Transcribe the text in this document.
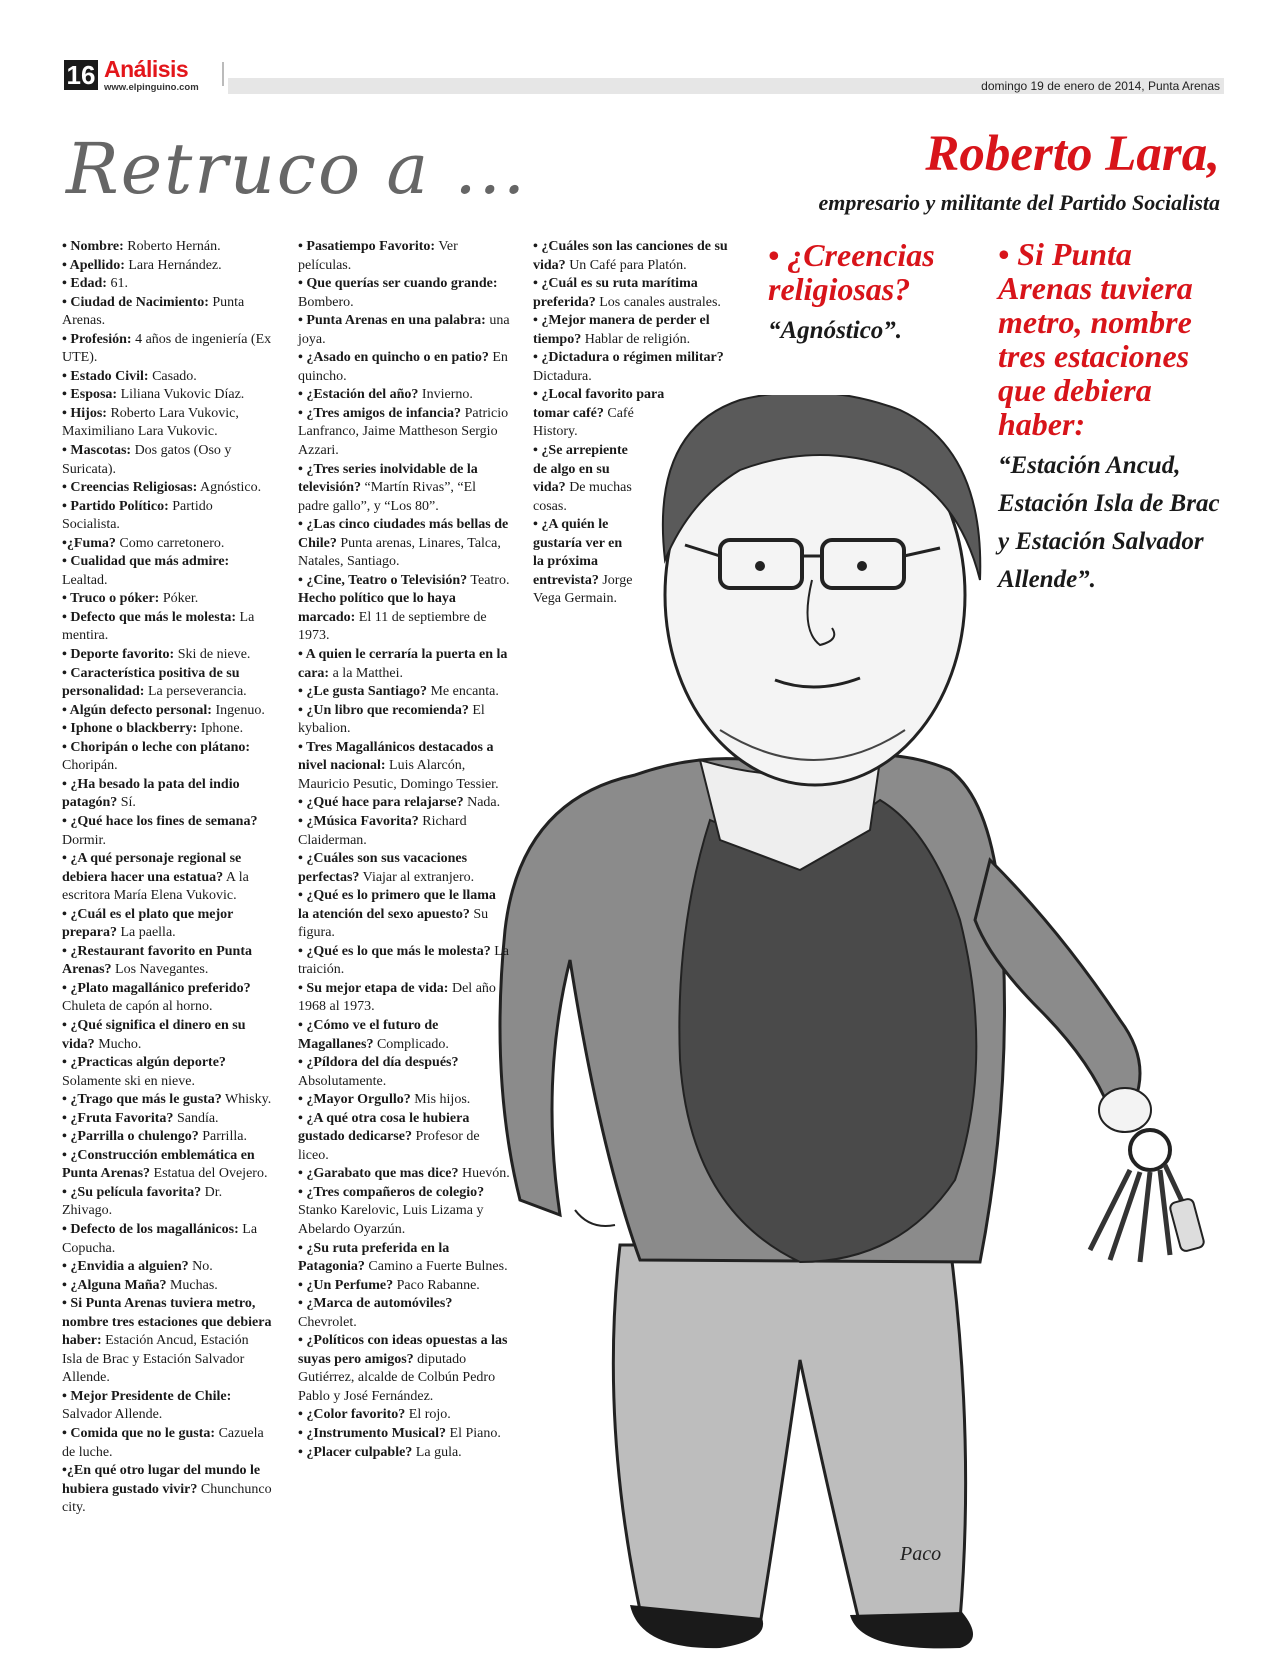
16 Análisis
www.elpinguino.com	domingo 19 de enero de 2014, Punta Arenas
Retruco a ...	Roberto Lara,
empresario y militante del Partido Socialista
Paco
• Nombre: Roberto Hernán.
• Apellido: Lara Hernández.
• Edad: 61.
• Ciudad de Nacimiento: Punta Arenas.
• Profesión: 4 años de ingeniería (Ex UTE).
• Estado Civil: Casado.
• Esposa: Liliana Vukovic Díaz.
• Hijos: Roberto Lara Vukovic, Maximiliano Lara Vukovic.
• Mascotas: Dos gatos (Oso y Suricata).
• Creencias Religiosas: Agnóstico.
• Partido Político: Partido Socialista.
•¿Fuma? Como carretonero.
• Cualidad que más admire: Lealtad.
• Truco o póker: Póker.
• Defecto que más le molesta: La mentira.
• Deporte favorito: Ski de nieve.
• Característica positiva de su personalidad: La perseverancia.
• Algún defecto personal: Ingenuo.
• Iphone o blackberry: Iphone.
• Choripán o leche con plátano: Choripán.
• ¿Ha besado la pata del indio patagón? Sí.
• ¿Qué hace los fines de semana? Dormir.
• ¿A qué personaje regional se debiera hacer una estatua? A la escritora María Elena Vukovic.
• ¿Cuál es el plato que mejor prepara? La paella.
• ¿Restaurant favorito en Punta Arenas? Los Navegantes.
• ¿Plato magallánico preferido? Chuleta de capón al horno.
• ¿Qué significa el dinero en su vida? Mucho.
• ¿Practicas algún deporte? Solamente ski en nieve.
• ¿Trago que más le gusta? Whisky.
• ¿Fruta Favorita? Sandía.
• ¿Parrilla o chulengo? Parrilla.
• ¿Construcción emblemática en Punta Arenas? Estatua del Ovejero.
• ¿Su película favorita? Dr. Zhivago.
• Defecto de los magallánicos: La Copucha.
• ¿Envidia a alguien? No.
• ¿Alguna Maña? Muchas.
• Si Punta Arenas tuviera metro, nombre tres estaciones que debiera haber: Estación Ancud, Estación Isla de Brac y Estación Salvador Allende.
• Mejor Presidente de Chile: Salvador Allende.
• Comida que no le gusta: Cazuela de luche.
•¿En qué otro lugar del mundo le hubiera gustado vivir? Chunchunco city.
• Pasatiempo Favorito: Ver películas.
• Que querías ser cuando grande: Bombero.
• Punta Arenas en una palabra: una joya.
• ¿Asado en quincho o en patio? En quincho.
• ¿Estación del año? Invierno.
• ¿Tres amigos de infancia? Patricio Lanfranco, Jaime Mattheson Sergio Azzari.
• ¿Tres series inolvidable de la televisión? “Martín Rivas”, “El padre gallo”, y “Los 80”.
• ¿Las cinco ciudades más bellas de Chile? Punta arenas, Linares, Talca, Natales, Santiago.
• ¿Cine, Teatro o Televisión? Teatro.
Hecho político que lo haya marcado: El 11 de septiembre de 1973.
• A quien le cerraría la puerta en la cara: a la Matthei.
• ¿Le gusta Santiago? Me encanta.
• ¿Un libro que recomienda? El kybalion.
• Tres Magallánicos destacados a nivel nacional: Luis Alarcón, Mauricio Pesutic, Domingo Tessier.
• ¿Qué hace para relajarse? Nada.
• ¿Música Favorita? Richard Claiderman.
• ¿Cuáles son sus vacaciones perfectas? Viajar al extranjero.
• ¿Qué es lo primero que le llama la atención del sexo apuesto? Su figura.
• ¿Qué es lo que más le molesta? La traición.
• Su mejor etapa de vida: Del año 1968 al 1973.
• ¿Cómo ve el futuro de Magallanes? Complicado.
• ¿Píldora del día después? Absolutamente.
• ¿Mayor Orgullo? Mis hijos.
• ¿A qué otra cosa le hubiera gustado dedicarse? Profesor de liceo.
• ¿Garabato que mas dice? Huevón.
• ¿Tres compañeros de colegio? Stanko Karelovic, Luis Lizama y Abelardo Oyarzún.
• ¿Su ruta preferida en la Patagonia? Camino a Fuerte Bulnes.
• ¿Un Perfume? Paco Rabanne.
• ¿Marca de automóviles? Chevrolet.
• ¿Políticos con ideas opuestas a las suyas pero amigos? diputado Gutiérrez, alcalde de Colbún Pedro Pablo y José Fernández.
• ¿Color favorito? El rojo.
• ¿Instrumento Musical? El Piano.
• ¿Placer culpable? La gula.
• ¿Cuáles son las canciones de su vida? Un Café para Platón.
• ¿Cuál es su ruta marítima preferida? Los canales australes.
• ¿Mejor manera de perder el tiempo? Hablar de religión.
• ¿Dictadura o régimen militar? Dictadura.
• ¿Local favorito para tomar café? Café History.
• ¿Se arrepiente de algo en su vida? De muchas cosas.
• ¿A quién le gustaría ver en la próxima entrevista? Jorge Vega Germain.
• ¿Creencias religiosas?
“Agnóstico”.
• Si Punta Arenas tuviera metro, nombre tres estaciones que debiera haber:
“Estación Ancud, Estación Isla de Brac y Estación Salvador Allende”.
